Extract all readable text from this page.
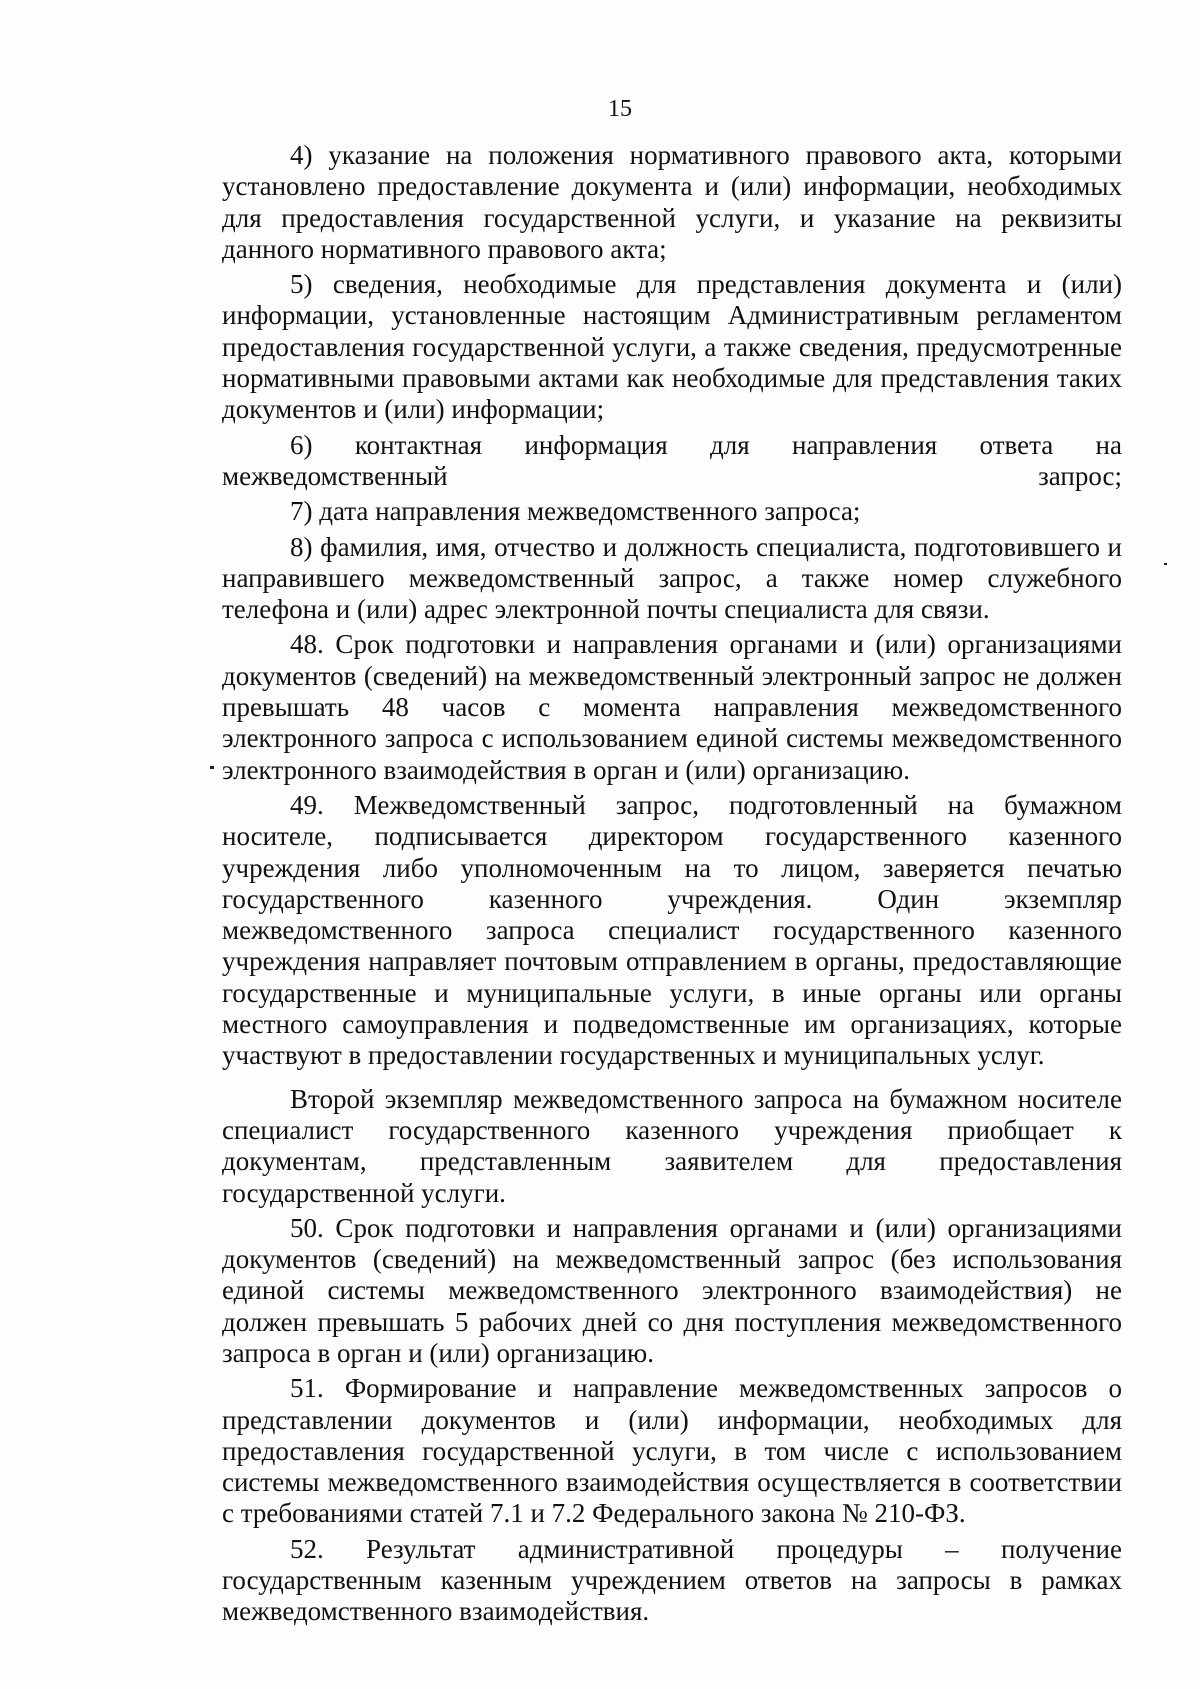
15

4) указание на положения нормативного правового акта, которыми установлено предоставление документа и (или) информации, необходимых для предоставления государственной услуги, и указание на реквизиты данного нормативного правового акта;

5) сведения, необходимые для представления документа и (или) информации, установленные настоящим Административным регламентом предоставления государственной услуги, а также сведения, предусмотренные нормативными правовыми актами как необходимые для представления таких документов и (или) информации;

6) контактная информация для направления ответа на межведомственный запрос;

7) дата направления межведомственного запроса;

8) фамилия, имя, отчество и должность специалиста, подготовившего и направившего межведомственный запрос, а также номер служебного телефона и (или) адрес электронной почты специалиста для связи.

48. Срок подготовки и направления органами и (или) организациями документов (сведений) на межведомственный электронный запрос не должен превышать 48 часов с момента направления межведомственного электронного запроса с использованием единой системы межведомственного электронного взаимодействия в орган и (или) организацию.

49. Межведомственный запрос, подготовленный на бумажном носителе, подписывается директором государственного казенного учреждения либо уполномоченным на то лицом, заверяется печатью государственного казенного учреждения. Один экземпляр межведомственного запроса специалист государственного казенного учреждения направляет почтовым отправлением в органы, предоставляющие государственные и муниципальные услуги, в иные органы или органы местного самоуправления и подведомственные им организациях, которые участвуют в предоставлении государственных и муниципальных услуг.

Второй экземпляр межведомственного запроса на бумажном носителе специалист государственного казенного учреждения приобщает к документам, представленным заявителем для предоставления государственной услуги.

50. Срок подготовки и направления органами и (или) организациями документов (сведений) на межведомственный запрос (без использования единой системы межведомственного электронного взаимодействия) не должен превышать 5 рабочих дней со дня поступления межведомственного запроса в орган и (или) организацию.

51. Формирование и направление межведомственных запросов о представлении документов и (или) информации, необходимых для предоставления государственной услуги, в том числе с использованием системы межведомственного взаимодействия осуществляется в соответствии с требованиями статей 7.1 и 7.2 Федерального закона № 210-ФЗ.

52. Результат административной процедуры – получение государственным казенным учреждением ответов на запросы в рамках межведомственного взаимодействия.
